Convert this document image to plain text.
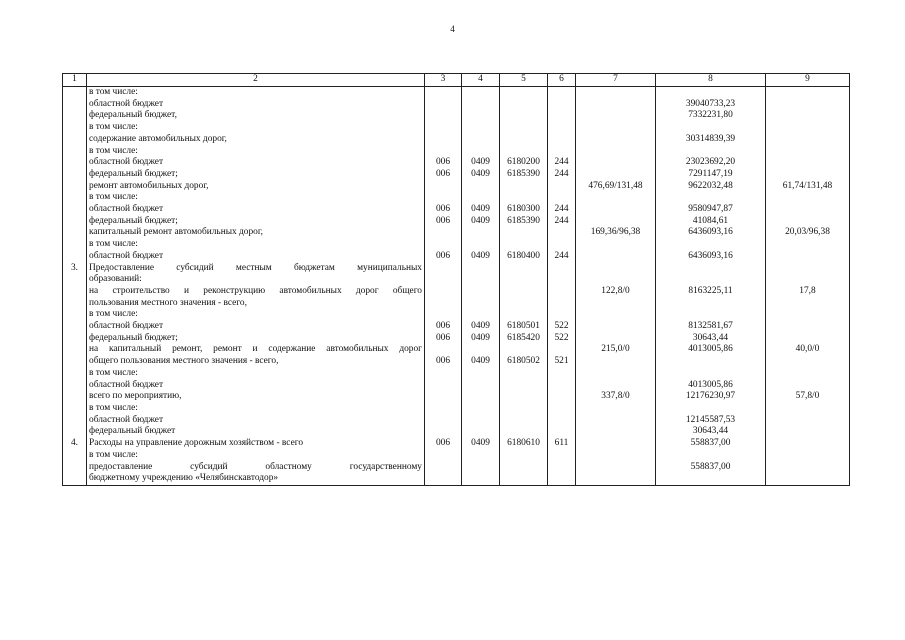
4
1	2	3	4	5	6	7	8	9
	в том числе:							
	областной бюджет						39040733,23	
	федеральный бюджет,						7332231,80	
	в том числе:							
	содержание автомобильных дорог,						30314839,39	
	в том числе:							
	областной бюджет	006	0409	6180200	244		23023692,20	
	федеральный бюджет;	006	0409	6185390	244		7291147,19	
	ремонт автомобильных дорог,					476,69/131,48	9622032,48	61,74/131,48
	в том числе:							
	областной бюджет	006	0409	6180300	244		9580947,87	
	федеральный бюджет;	006	0409	6185390	244		41084,61	
	капитальный ремонт автомобильных дорог,					169,36/96,38	6436093,16	20,03/96,38
	в том числе:							
	областной бюджет	006	0409	6180400	244		6436093,16	
3.	Предоставление субсидий местным бюджетам муниципальных							
	образований:							
	на строительство и реконструкцию автомобильных дорог общего					122,8/0	8163225,11	17,8
	пользования местного значения - всего,							
	в том числе:							
	областной бюджет	006	0409	6180501	522		8132581,67	
	федеральный бюджет;	006	0409	6185420	522		30643,44	
	на капитальный ремонт, ремонт и содержание автомобильных дорог					215,0/0	4013005,86	40,0/0
	общего пользования местного значения - всего,	006	0409	6180502	521			
	в том числе:							
	областной бюджет						4013005,86	
	всего по мероприятию,					337,8/0	12176230,97	57,8/0
	в том числе:							
	областной бюджет						12145587,53	
	федеральный бюджет						30643,44	
4.	Расходы на управление дорожным хозяйством - всего	006	0409	6180610	611		558837,00	
	в том числе:							
	предоставление субсидий областному государственному						558837,00	
	бюджетному учреждению «Челябинскавтодор»							
